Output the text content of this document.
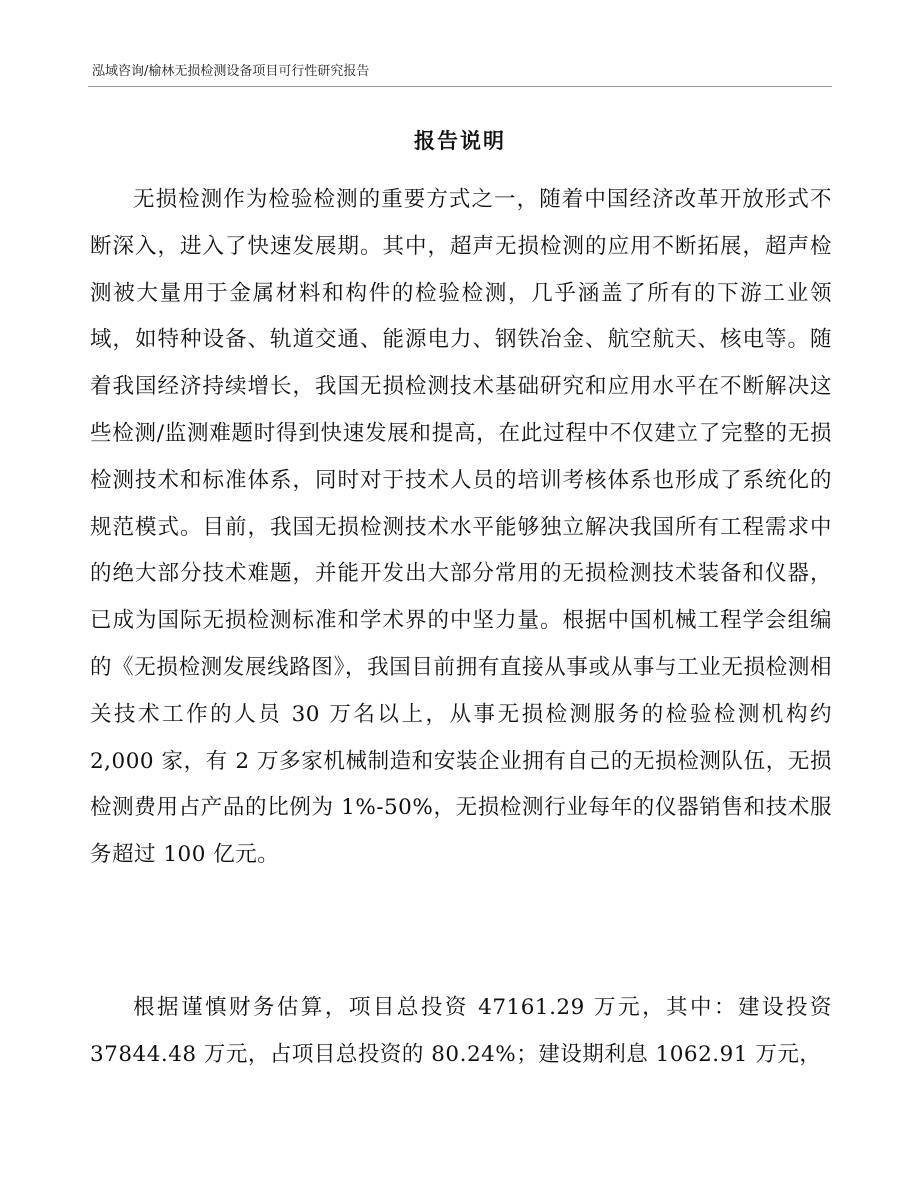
泓域咨询/榆林无损检测设备项目可行性研究报告
报告说明

无损检测作为检验检测的重要方式之一，随着中国经济改革开放形式不断深入，进入了快速发展期。其中，超声无损检测的应用不断拓展，超声检测被大量用于金属材料和构件的检验检测，几乎涵盖了所有的下游工业领域，如特种设备、轨道交通、能源电力、钢铁冶金、航空航天、核电等。随着我国经济持续增长，我国无损检测技术基础研究和应用水平在不断解决这些检测/监测难题时得到快速发展和提高，在此过程中不仅建立了完整的无损检测技术和标准体系，同时对于技术人员的培训考核体系也形成了系统化的规范模式。目前，我国无损检测技术水平能够独立解决我国所有工程需求中的绝大部分技术难题，并能开发出大部分常用的无损检测技术装备和仪器，已成为国际无损检测标准和学术界的中坚力量。根据中国机械工程学会组编的《无损检测发展线路图》，我国目前拥有直接从事或从事与工业无损检测相关技术工作的人员 30 万名以上，从事无损检测服务的检验检测机构约 2,000 家，有 2 万多家机械制造和安装企业拥有自己的无损检测队伍，无损检测费用占产品的比例为 1%-50%，无损检测行业每年的仪器销售和技术服务超过 100 亿元。

根据谨慎财务估算，项目总投资 47161.29 万元，其中：建设投资 37844.48 万元，占项目总投资的 80.24%；建设期利息 1062.91 万元，
